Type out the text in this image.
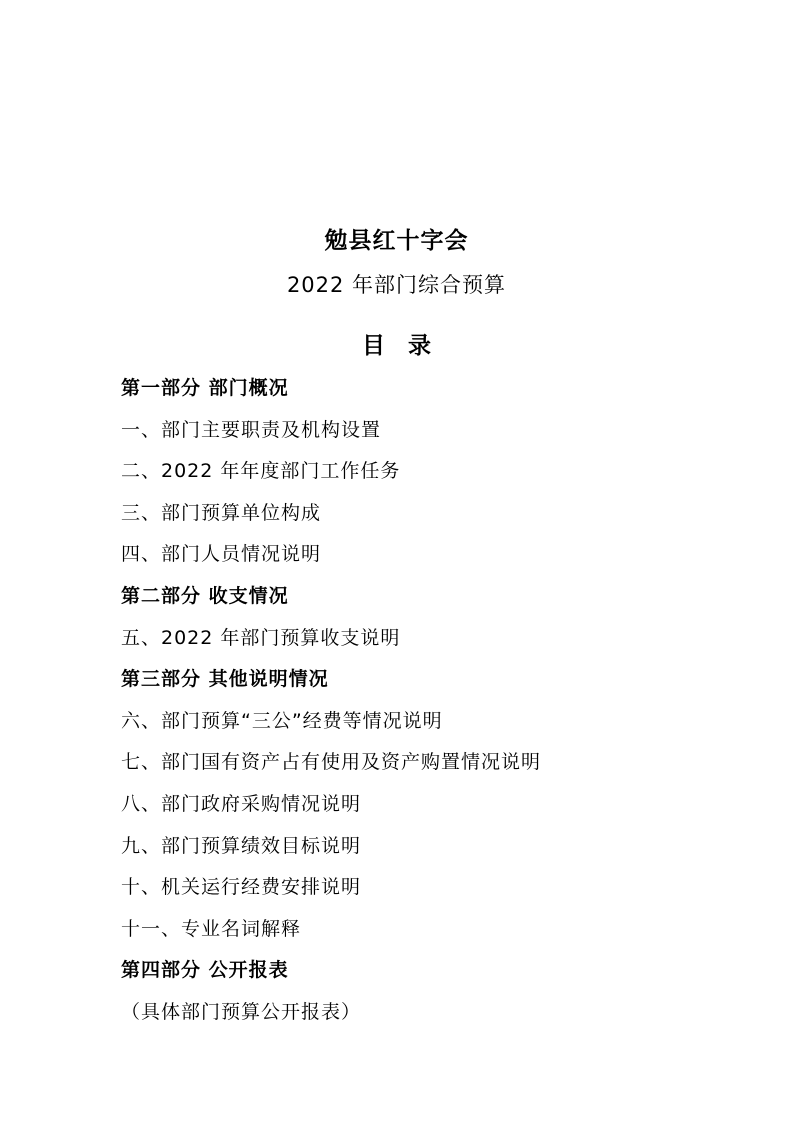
勉县红十字会
2022 年部门综合预算
目　录
第一部分 部门概况
一、部门主要职责及机构设置
二、2022 年年度部门工作任务
三、部门预算单位构成
四、部门人员情况说明
第二部分 收支情况
五、2022 年部门预算收支说明
第三部分 其他说明情况
六、部门预算“三公”经费等情况说明
七、部门国有资产占有使用及资产购置情况说明
八、部门政府采购情况说明
九、部门预算绩效目标说明
十、机关运行经费安排说明
十一、专业名词解释
第四部分 公开报表
（具体部门预算公开报表）
